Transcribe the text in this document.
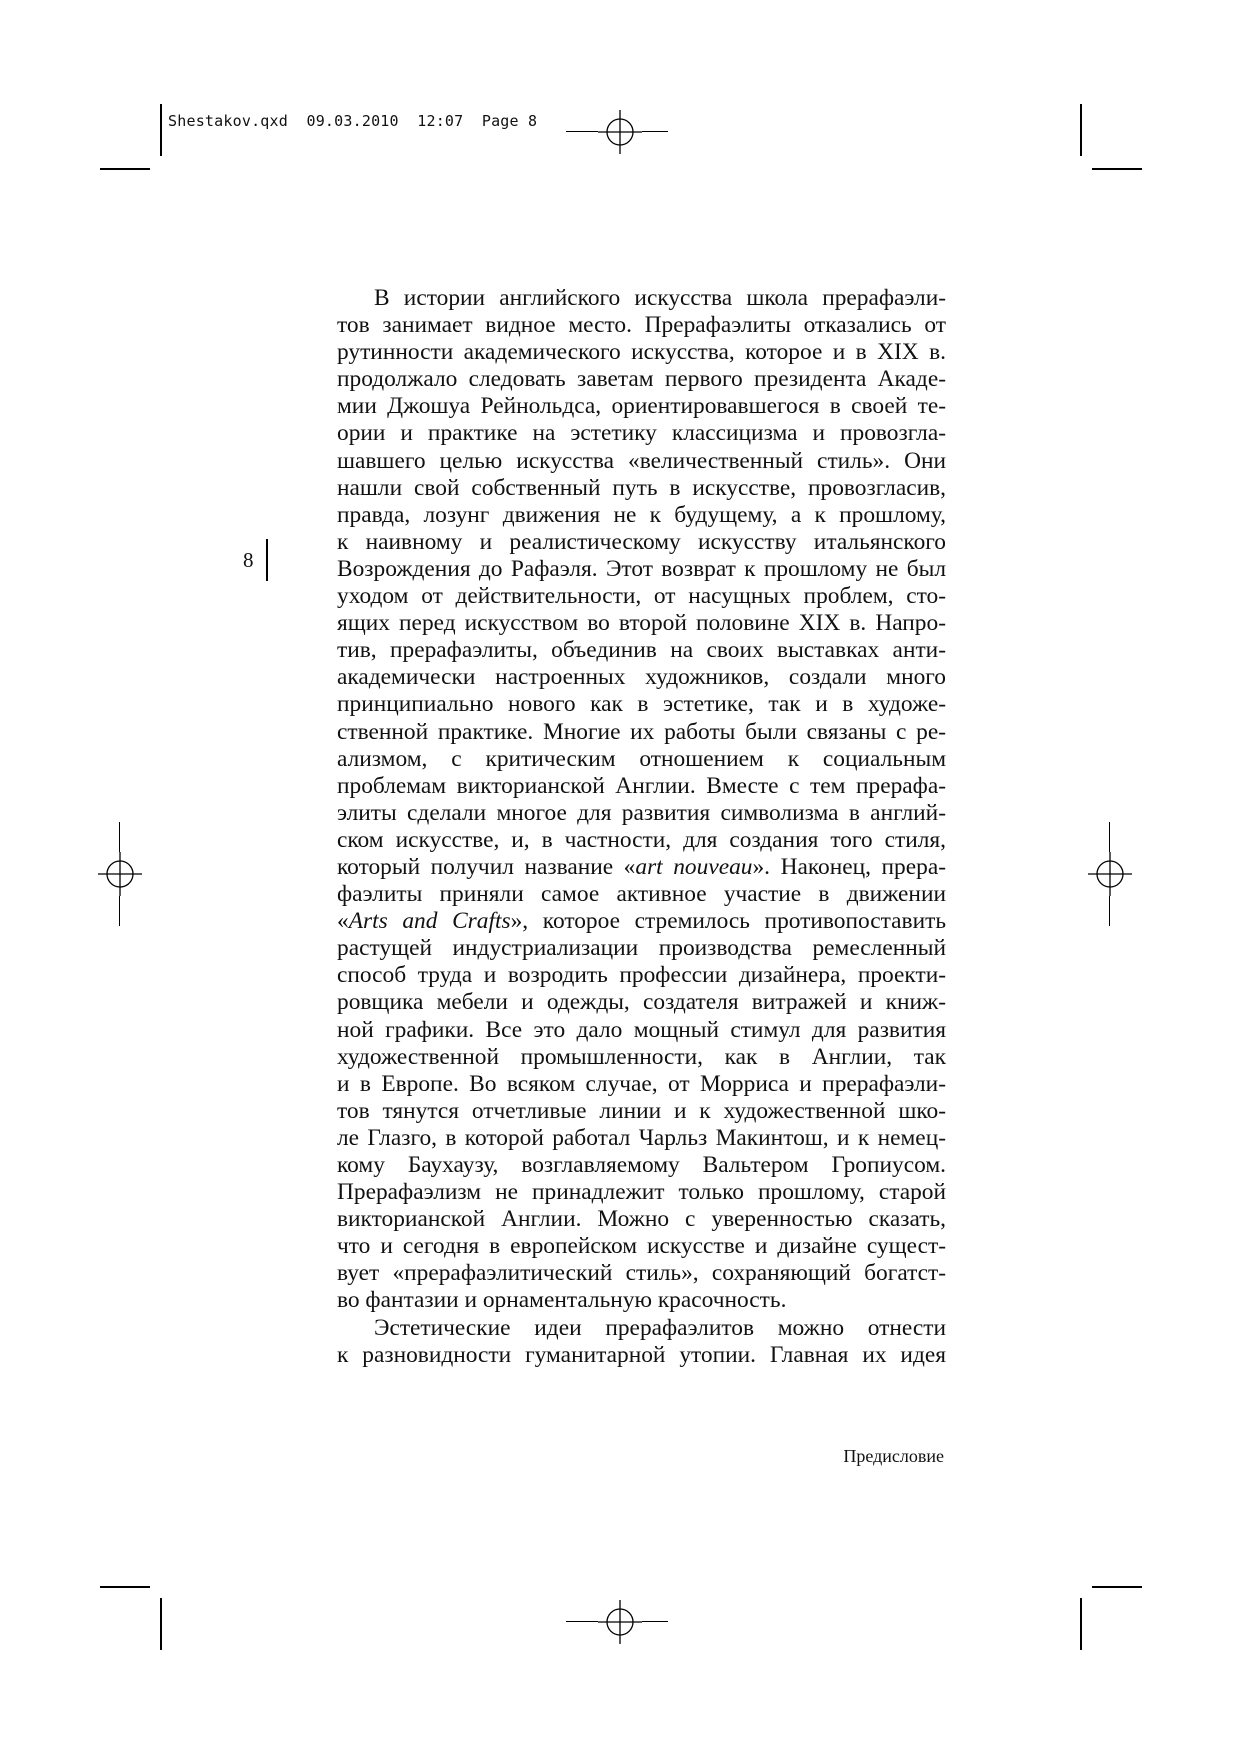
Shestakov.qxd  09.03.2010  12:07  Page 8
8
В истории английского искусства школа прерафаэли-
тов занимает видное место. Прерафаэлиты отказались от
рутинности академического искусства, которое и в XIX в.
продолжало следовать заветам первого президента Акаде-
мии Джошуа Рейнольдса, ориентировавшегося в своей те-
ории и практике на эстетику классицизма и провозгла-
шавшего целью искусства «величественный стиль». Они
нашли свой собственный путь в искусстве, провозгласив,
правда, лозунг движения не к будущему, а к прошлому,
к наивному и реалистическому искусству итальянского
Возрождения до Рафаэля. Этот возврат к прошлому не был
уходом от действительности, от насущных проблем, сто-
ящих перед искусством во второй половине XIX в. Напро-
тив, прерафаэлиты, объединив на своих выставках анти-
академически настроенных художников, создали много
принципиально нового как в эстетике, так и в художе-
ственной практике. Многие их работы были связаны с ре-
ализмом, с критическим отношением к социальным
проблемам викторианской Англии. Вместе с тем прерафа-
элиты сделали многое для развития символизма в англий-
ском искусстве, и, в частности, для создания того стиля,
который получил название «art nouveau». Наконец, прера-
фаэлиты приняли самое активное участие в движении
«Arts and Crafts», которое стремилось противопоставить
растущей индустриализации производства ремесленный
способ труда и возродить профессии дизайнера, проекти-
ровщика мебели и одежды, создателя витражей и книж-
ной графики. Все это дало мощный стимул для развития
художественной промышленности, как в Англии, так
и в Европе. Во всяком случае, от Морриса и прерафаэли-
тов тянутся отчетливые линии и к художественной шко-
ле Глазго, в которой работал Чарльз Макинтош, и к немец-
кому Баухаузу, возглавляемому Вальтером Гропиусом.
Прерафаэлизм не принадлежит только прошлому, старой
викторианской Англии. Можно с уверенностью сказать,
что и сегодня в европейском искусстве и дизайне сущест-
вует «прерафаэлитический стиль», сохраняющий богатст-
во фантазии и орнаментальную красочность.
Эстетические идеи прерафаэлитов можно отнести
к разновидности гуманитарной утопии. Главная их идея
Предисловие
